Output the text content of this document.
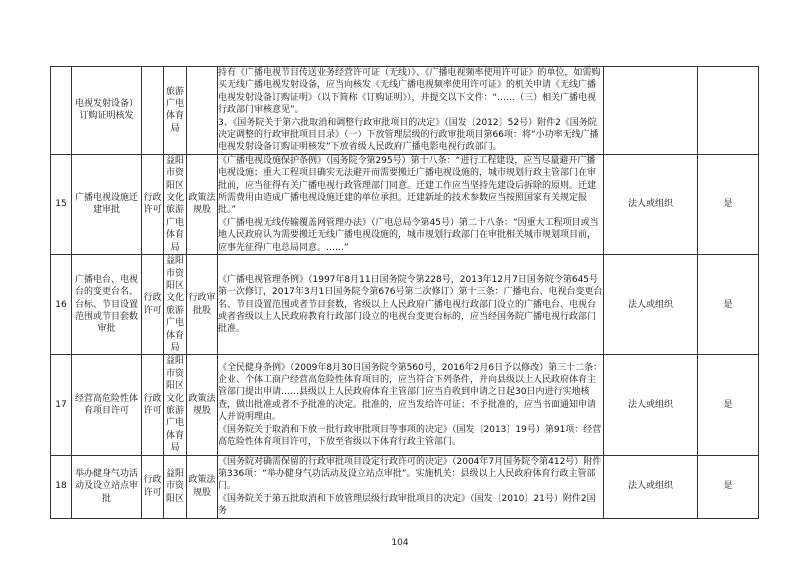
	电视发射设备）订购证明核发		旅游广电体育局		持有《广播电视节目传送业务经营许可证（无线）》、《广播电视频率使用许可证》的单位，如需购买无线广播电视发射设备，应当向核发《无线广播电视频率使用许可证》的机关申请《无线广播电视发射设备订购证明》（以下简称《订购证明》），并提交以下文件：“……（三）相关广播电视行政部门审核意见”。
3、《国务院关于第六批取消和调整行政审批项目的决定》（国发〔2012〕52号）附件2《国务院决定调整的行政审批项目目录》（一）下放管理层级的行政审批项目第66项：将“小功率无线广播电视发射设备订购证明核发”下放省级人民政府广播电影电视行政部门。		

15	广播电视设施迁建审批	行政许可	益阳市资阳区文化旅游广电体育局	政策法规股	《广播电视设施保护条例》（国务院令第295号）第十八条：“进行工程建设，应当尽量避开广播电视设施；重大工程项目确实无法避开而需要搬迁广播电视设施的，城市规划行政主管部门在审批前，应当征得有关广播电视行政管理部门同意。迁建工作应当坚持先建设后拆除的原则。迁建所需费用由造成广播电视设施迁建的单位承担。迁建新址的技术参数应当按照国家有关规定报批。”
《广播电视无线传输覆盖网管理办法》（广电总局令第45号）第二十八条：“因重大工程项目或当地人民政府认为需要搬迁无线广播电视设施的，城市规划行政部门在审批相关城市规划项目前，应事先征得广电总局同意。……”	法人或组织	是
16	广播电台、电视台的变更台名、台标、节目设置范围或节目套数审批	行政许可	益阳市资阳区文化旅游广电体育局	行政审批股	《广播电视管理条例》（1997年8月11日国务院令第228号，2013年12月7日国务院令第645号第一次修订，2017年3月1日国务院令第676号第二次修订）第十三条：广播电台、电视台变更台名、节目设置范围或者节目套数，省级以上人民政府广播电视行政部门设立的广播电台、电视台或者省级以上人民政府教育行政部门设立的电视台变更台标的，应当经国务院广播电视行政部门批准。	法人或组织	是
17	经营高危险性体育项目许可	行政许可	益阳市资阳区文化旅游广电体育局	政策法规股	《全民健身条例》（2009年8月30日国务院令第560号，2016年2月6日予以修改）第三十二条：企业、个体工商户经营高危险性体育项目的，应当符合下列条件，并向县级以上人民政府体育主管部门提出申请……县级以上人民政府体育主管部门应当自收到申请之日起30日内进行实地核查，做出批准或者不予批准的决定。批准的，应当发给许可证；不予批准的，应当书面通知申请人并说明理由。
《国务院关于取消和下放一批行政审批项目等事项的决定》（国发〔2013〕19号）第91项：经营高危险性体育项目许可，下放至省级以下体育行政主管部门。	法人或组织	是
18	举办健身气功活动及设立站点审批	行政许可	益阳市资阳区	政策法规股	《国务院对确需保留的行政审批项目设定行政许可的决定》（2004年7月国务院令第412号）附件第336项：“举办健身气功活动及设立站点审批”。实施机关：县级以上人民政府体育行政主管部门。
《国务院关于第五批取消和下放管理层级行政审批项目的决定》（国发〔2010〕21号）附件2国务	法人或组织	是
104
